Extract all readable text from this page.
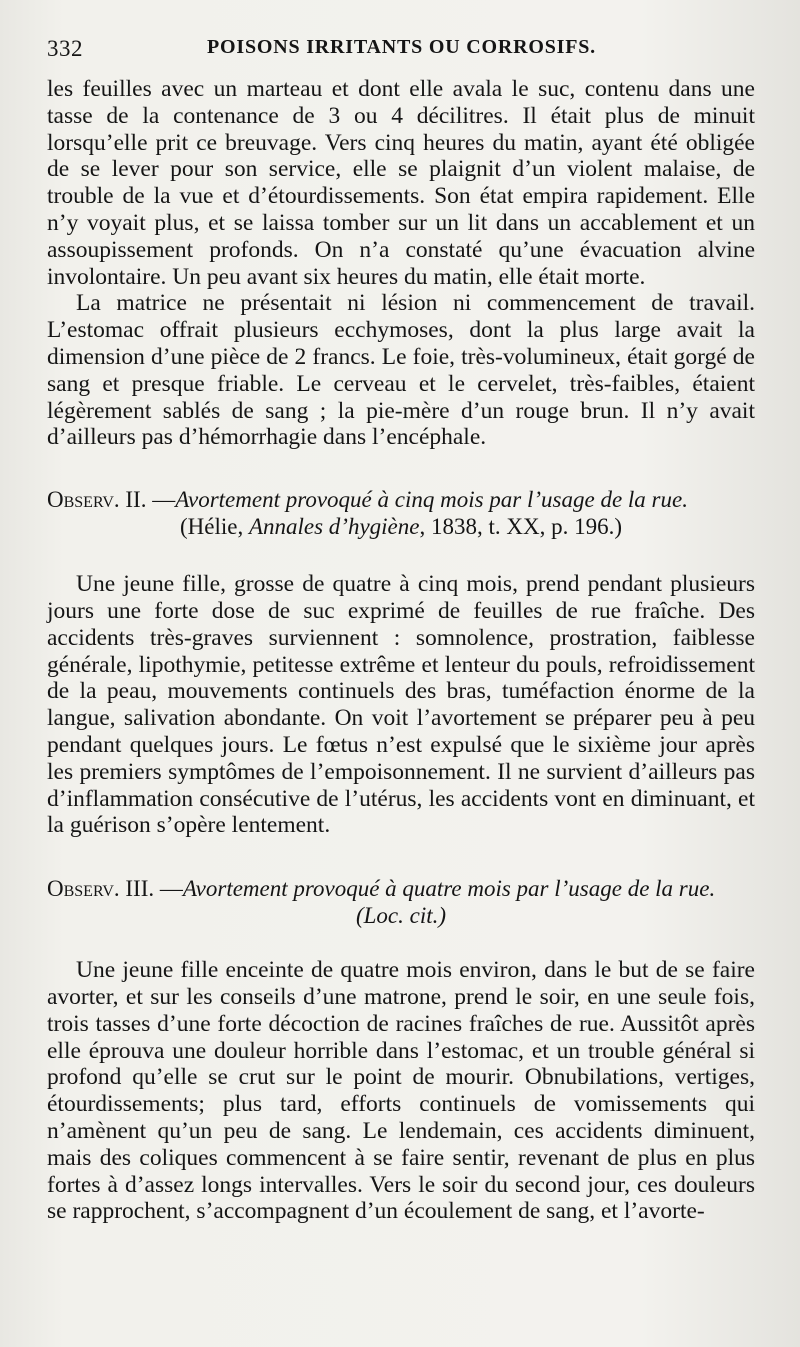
332	POISONS IRRITANTS OU CORROSIFS.

les feuilles avec un marteau et dont elle avala le suc, contenu dans une tasse de la contenance de 3 ou 4 décilitres. Il était plus de minuit lorsqu’elle prit ce breuvage. Vers cinq heures du matin, ayant été obligée de se lever pour son service, elle se plaignit d’un violent malaise, de trouble de la vue et d’étourdissements. Son état empira rapidement. Elle n’y voyait plus, et se laissa tomber sur un lit dans un accablement et un assoupissement profonds. On n’a constaté qu’une évacuation alvine involontaire. Un peu avant six heures du matin, elle était morte.

La matrice ne présentait ni lésion ni commencement de travail. L’estomac offrait plusieurs ecchymoses, dont la plus large avait la dimension d’une pièce de 2 francs. Le foie, très-volumineux, était gorgé de sang et presque friable. Le cerveau et le cervelet, très-faibles, étaient légèrement sablés de sang ; la pie-mère d’un rouge brun. Il n’y avait d’ailleurs pas d’hémorrhagie dans l’encéphale.

Observ. II. —Avortement provoqué à cinq mois par l’usage de la rue.
(Hélie, Annales d’hygiène, 1838, t. XX, p. 196.)

Une jeune fille, grosse de quatre à cinq mois, prend pendant plusieurs jours une forte dose de suc exprimé de feuilles de rue fraîche. Des accidents très-graves surviennent : somnolence, prostration, faiblesse générale, lipothymie, petitesse extrême et lenteur du pouls, refroidissement de la peau, mouvements continuels des bras, tuméfaction énorme de la langue, salivation abondante. On voit l’avortement se préparer peu à peu pendant quelques jours. Le fœtus n’est expulsé que le sixième jour après les premiers symptômes de l’empoisonnement. Il ne survient d’ailleurs pas d’inflammation consécutive de l’utérus, les accidents vont en diminuant, et la guérison s’opère lentement.

Observ. III. —Avortement provoqué à quatre mois par l’usage de la rue.
(Loc. cit.)

Une jeune fille enceinte de quatre mois environ, dans le but de se faire avorter, et sur les conseils d’une matrone, prend le soir, en une seule fois, trois tasses d’une forte décoction de racines fraîches de rue. Aussitôt après elle éprouva une douleur horrible dans l’estomac, et un trouble général si profond qu’elle se crut sur le point de mourir. Obnubilations, vertiges, étourdissements; plus tard, efforts continuels de vomissements qui n’amènent qu’un peu de sang. Le lendemain, ces accidents diminuent, mais des coliques commencent à se faire sentir, revenant de plus en plus fortes à d’assez longs intervalles. Vers le soir du second jour, ces douleurs se rapprochent, s’accompagnent d’un écoulement de sang, et l’avorte-
